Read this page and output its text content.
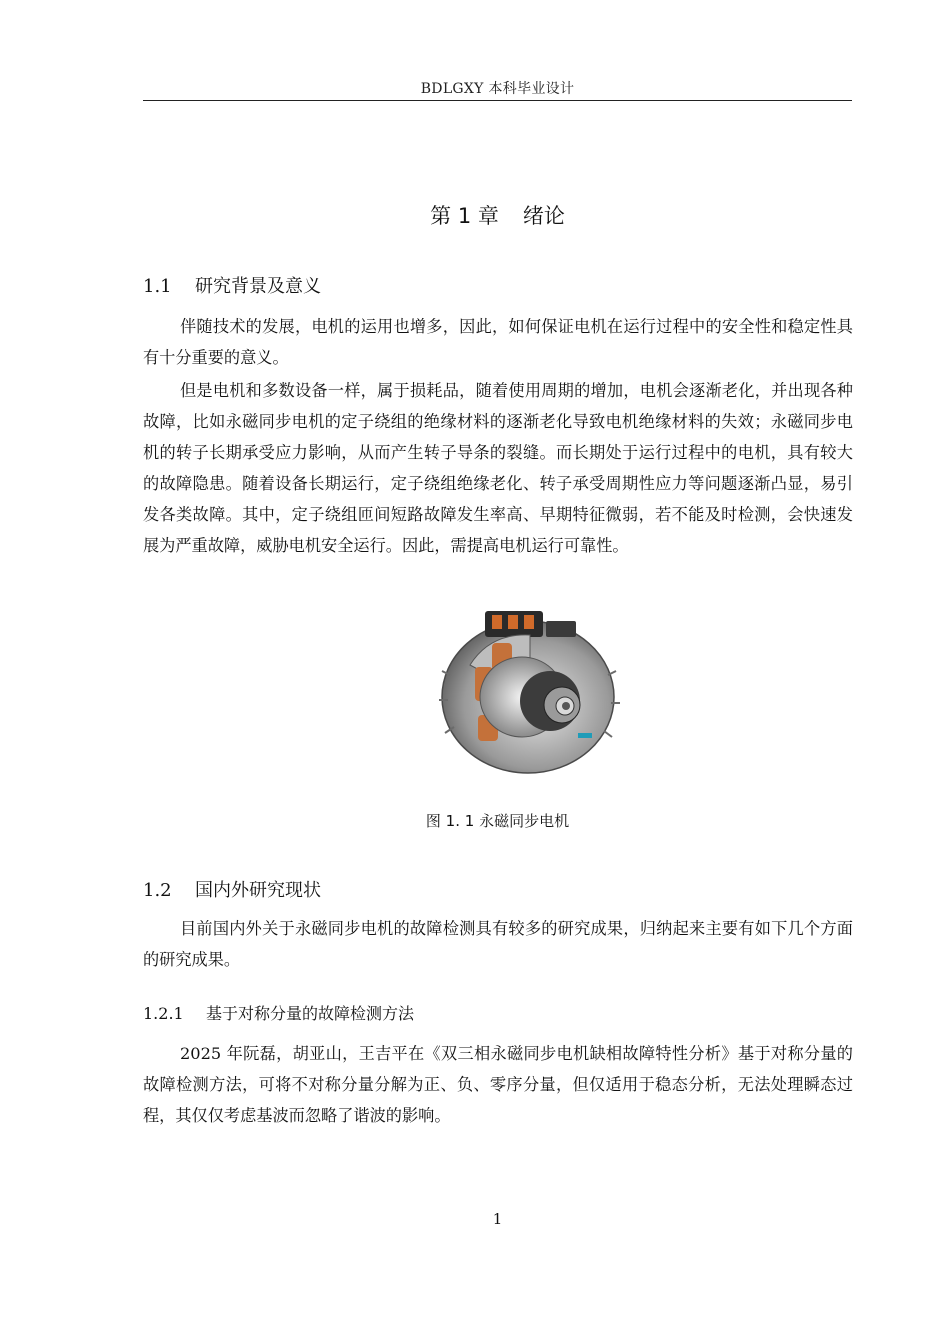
BDLGXY 本科毕业设计
第 1 章 绪论
1.1 研究背景及意义

伴随技术的发展，电机的运用也增多，因此，如何保证电机在运行过程中的安全性和稳定性具有十分重要的意义。

但是电机和多数设备一样，属于损耗品，随着使用周期的增加，电机会逐渐老化，并出现各种故障，比如永磁同步电机的定子绕组的绝缘材料的逐渐老化导致电机绝缘材料的失效；永磁同步电机的转子长期承受应力影响，从而产生转子导条的裂缝。而长期处于运行过程中的电机，具有较大的故障隐患。随着设备长期运行，定子绕组绝缘老化、转子承受周期性应力等问题逐渐凸显，易引发各类故障。其中，定子绕组匝间短路故障发生率高、早期特征微弱，若不能及时检测，会快速发展为严重故障，威胁电机安全运行。因此，需提高电机运行可靠性。

图 1. 1 永磁同步电机
1.2 国内外研究现状

目前国内外关于永磁同步电机的故障检测具有较多的研究成果，归纳起来主要有如下几个方面的研究成果。

1.2.1 基于对称分量的故障检测方法

2025 年阮磊，胡亚山，王吉平在《双三相永磁同步电机缺相故障特性分析》基于对称分量的故障检测方法，可将不对称分量分解为正、负、零序分量，但仅适用于稳态分析，无法处理瞬态过程，其仅仅考虑基波而忽略了谐波的影响。

1
